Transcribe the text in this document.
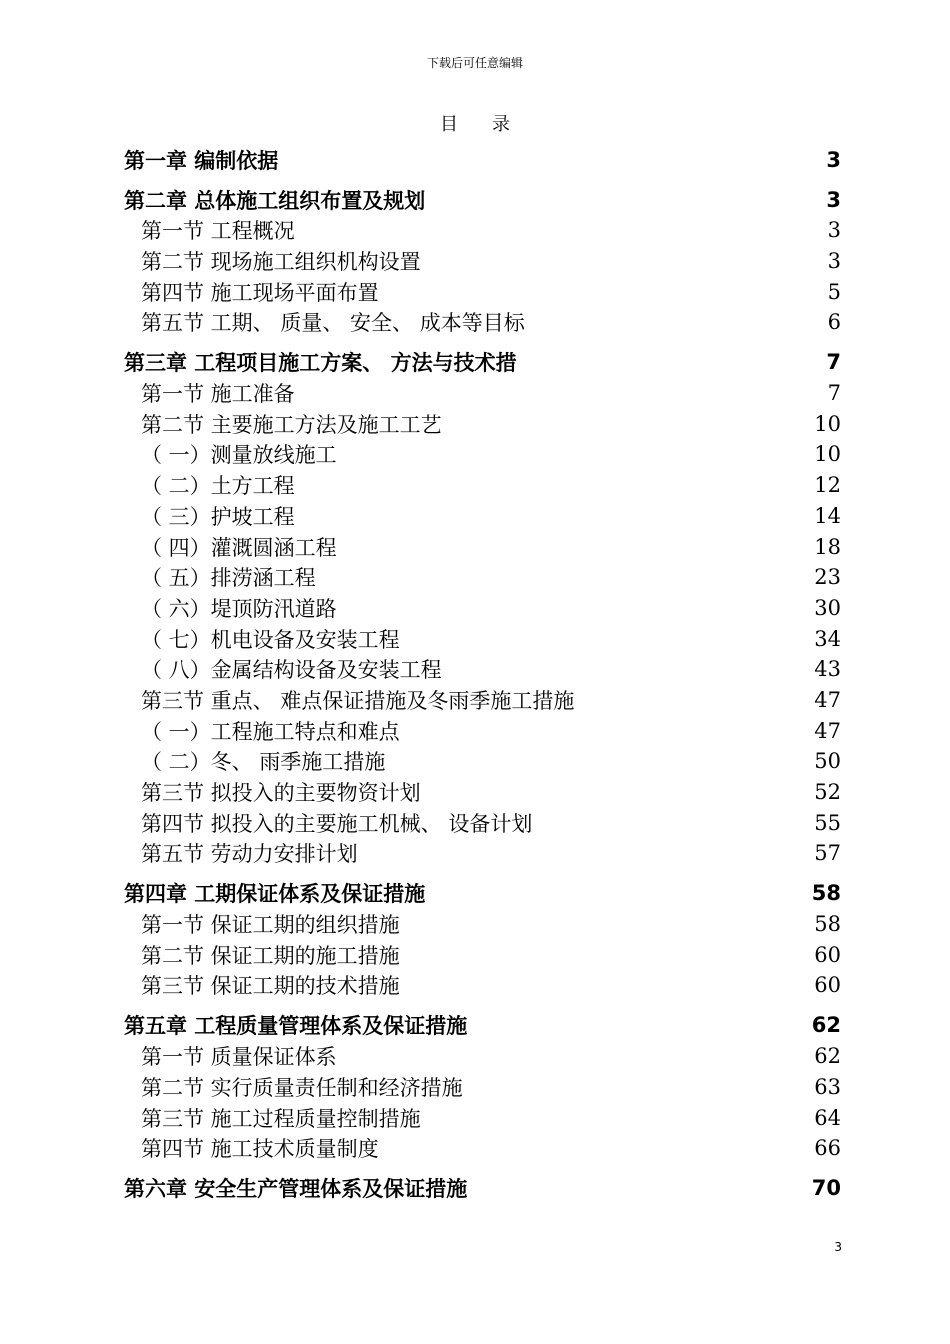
下载后可任意编辑
目 录
第一章 编制依据	3
第二章 总体施工组织布置及规划	3
第一节 工程概况	3
第二节 现场施工组织机构设置	3
第四节 施工现场平面布置	5
第五节 工期、 质量、 安全、 成本等目标	6
第三章 工程项目施工方案、 方法与技术措	7
第一节 施工准备	7
第二节 主要施工方法及施工工艺	10
（ 一）测量放线施工	10
（ 二）土方工程	12
（ 三）护坡工程	14
（ 四）灌溉圆涵工程	18
（ 五）排涝涵工程	23
（ 六）堤顶防汛道路	30
（ 七）机电设备及安装工程	34
（ 八）金属结构设备及安装工程	43
第三节 重点、 难点保证措施及冬雨季施工措施	47
（ 一）工程施工特点和难点	47
（ 二）冬、 雨季施工措施	50
第三节 拟投入的主要物资计划	52
第四节 拟投入的主要施工机械、 设备计划	55
第五节 劳动力安排计划	57
第四章 工期保证体系及保证措施	58
第一节 保证工期的组织措施	58
第二节 保证工期的施工措施	60
第三节 保证工期的技术措施	60
第五章 工程质量管理体系及保证措施	62
第一节 质量保证体系	62
第二节 实行质量责任制和经济措施	63
第三节 施工过程质量控制措施	64
第四节 施工技术质量制度	66
第六章 安全生产管理体系及保证措施	70
3
